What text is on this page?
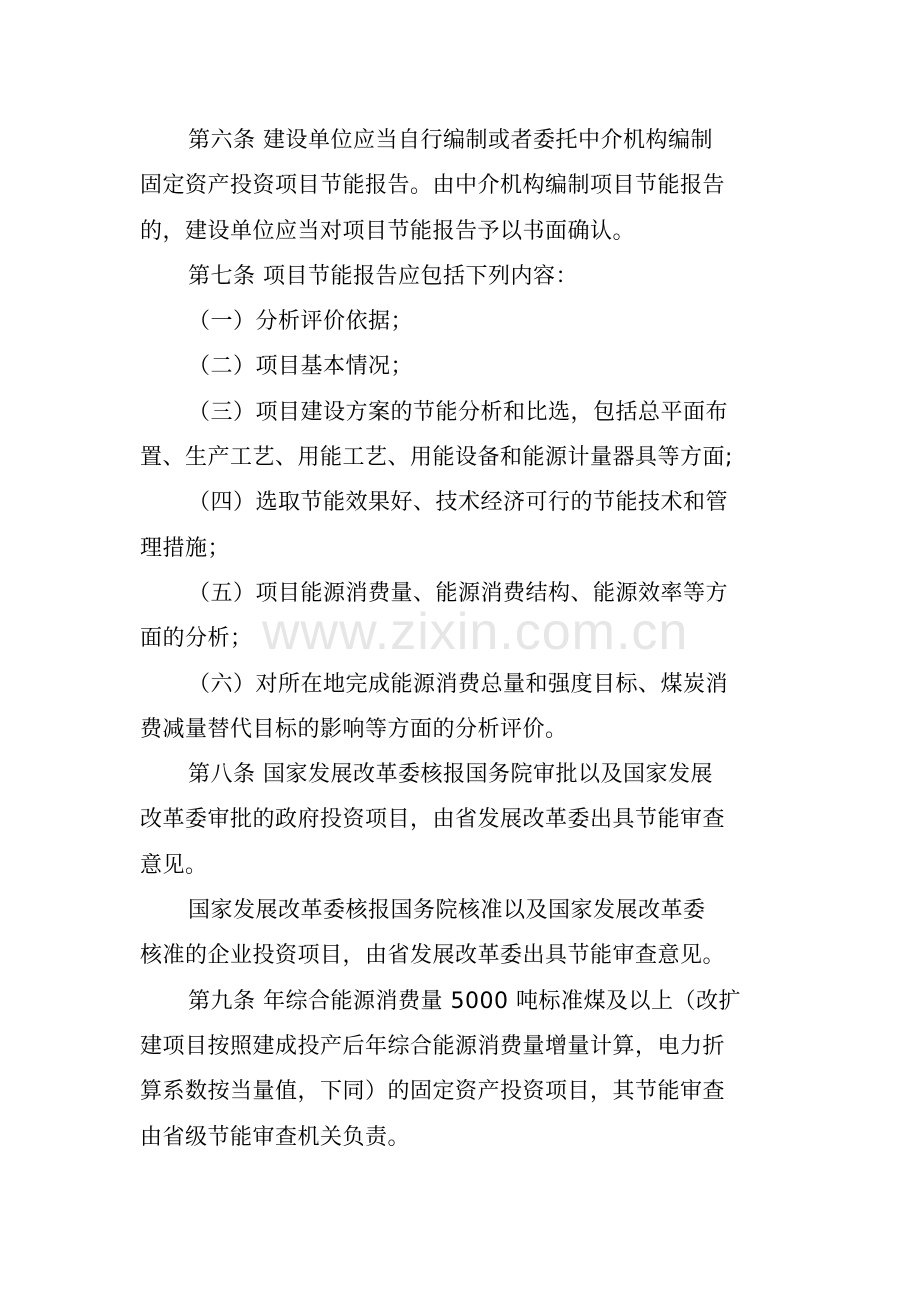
第六条 建设单位应当自行编制或者委托中介机构编制
固定资产投资项目节能报告。由中介机构编制项目节能报告
的，建设单位应当对项目节能报告予以书面确认。
第七条 项目节能报告应包括下列内容：
（一）分析评价依据；
（二）项目基本情况；
（三）项目建设方案的节能分析和比选，包括总平面布
置、生产工艺、用能工艺、用能设备和能源计量器具等方面;
（四）选取节能效果好、技术经济可行的节能技术和管
理措施；
（五）项目能源消费量、能源消费结构、能源效率等方
面的分析；
（六）对所在地完成能源消费总量和强度目标、煤炭消
费减量替代目标的影响等方面的分析评价。
第八条 国家发展改革委核报国务院审批以及国家发展
改革委审批的政府投资项目，由省发展改革委出具节能审查
意见。
国家发展改革委核报国务院核准以及国家发展改革委
核准的企业投资项目，由省发展改革委出具节能审查意见。
第九条 年综合能源消费量 5000 吨标准煤及以上（改扩
建项目按照建成投产后年综合能源消费量增量计算，电力折
算系数按当量值，下同）的固定资产投资项目，其节能审查
由省级节能审查机关负责。
www.zixin.com.cn
